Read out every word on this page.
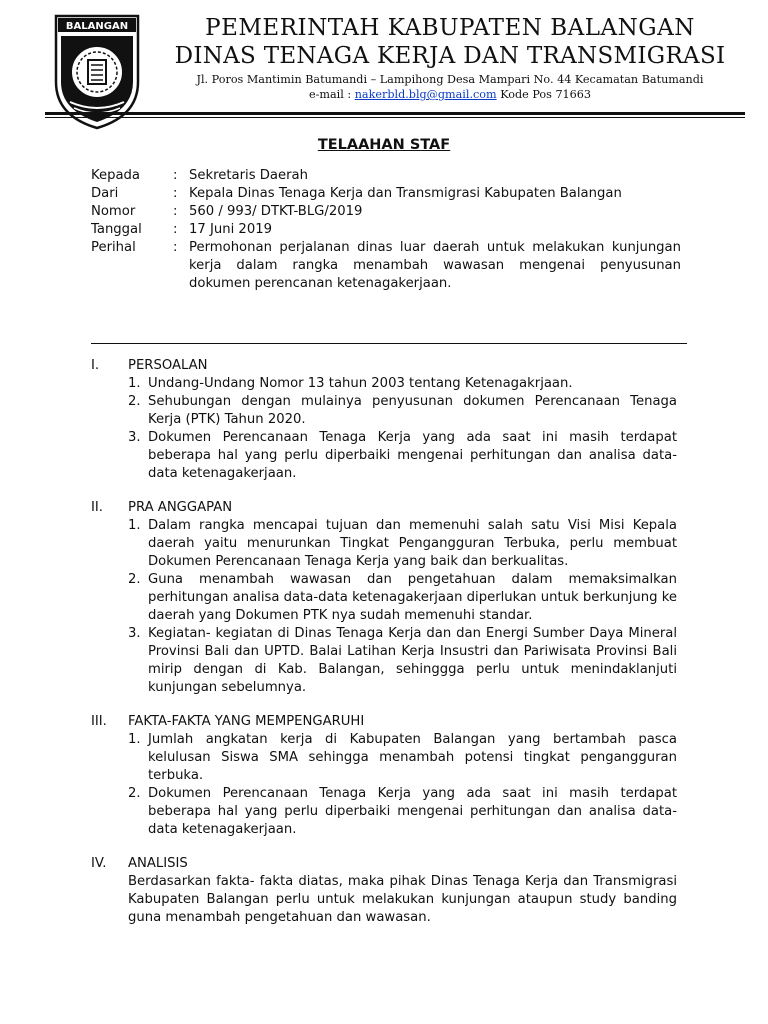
BALANGAN	PEMERINTAH KABUPATEN BALANGAN
DINAS TENAGA KERJA DAN TRANSMIGRASI
Jl. Poros Mantimin Batumandi – Lampihong Desa Mampari No. 44 Kecamatan Batumandi
e-mail : nakerbld.blg@gmail.com Kode Pos 71663
TELAAHAN STAF
Kepada	: Sekretaris Daerah
Dari	: Kepala Dinas Tenaga Kerja dan Transmigrasi Kabupaten Balangan
Nomor	: 560 / 993/ DTKT-BLG/2019
Tanggal	: 17 Juni 2019
Perihal	: Permohonan perjalanan dinas luar daerah untuk melakukan kunjungan kerja dalam rangka menambah wawasan mengenai penyusunan dokumen perencanan ketenagakerjaan.
I.	PERSOALAN
1. Undang-Undang Nomor 13 tahun 2003 tentang Ketenagakrjaan.
2. Sehubungan dengan mulainya penyusunan dokumen Perencanaan Tenaga Kerja (PTK) Tahun 2020.
3. Dokumen Perencanaan Tenaga Kerja yang ada saat ini masih terdapat beberapa hal yang perlu diperbaiki mengenai perhitungan dan analisa data-data ketenagakerjaan.
II.	PRA ANGGAPAN
1. Dalam rangka mencapai tujuan dan memenuhi salah satu Visi Misi Kepala daerah yaitu menurunkan Tingkat Pengangguran Terbuka, perlu membuat Dokumen Perencanaan Tenaga Kerja yang baik dan berkualitas.
2. Guna menambah wawasan dan pengetahuan dalam memaksimalkan perhitungan analisa data-data ketenagakerjaan diperlukan untuk berkunjung ke daerah yang Dokumen PTK nya sudah memenuhi standar.
3. Kegiatan- kegiatan di Dinas Tenaga Kerja dan dan Energi Sumber Daya Mineral Provinsi Bali dan UPTD. Balai Latihan Kerja Insustri dan Pariwisata Provinsi Bali mirip dengan di Kab. Balangan, sehinggga perlu untuk menindaklanjuti kunjungan sebelumnya.
III.	FAKTA-FAKTA YANG MEMPENGARUHI
1. Jumlah angkatan kerja di Kabupaten Balangan yang bertambah pasca kelulusan Siswa SMA sehingga menambah potensi tingkat pengangguran terbuka.
2. Dokumen Perencanaan Tenaga Kerja yang ada saat ini masih terdapat beberapa hal yang perlu diperbaiki mengenai perhitungan dan analisa data-data ketenagakerjaan.
IV.	ANALISIS
Berdasarkan fakta- fakta diatas, maka pihak Dinas Tenaga Kerja dan Transmigrasi Kabupaten Balangan perlu untuk melakukan kunjungan ataupun study banding guna menambah pengetahuan dan wawasan.
